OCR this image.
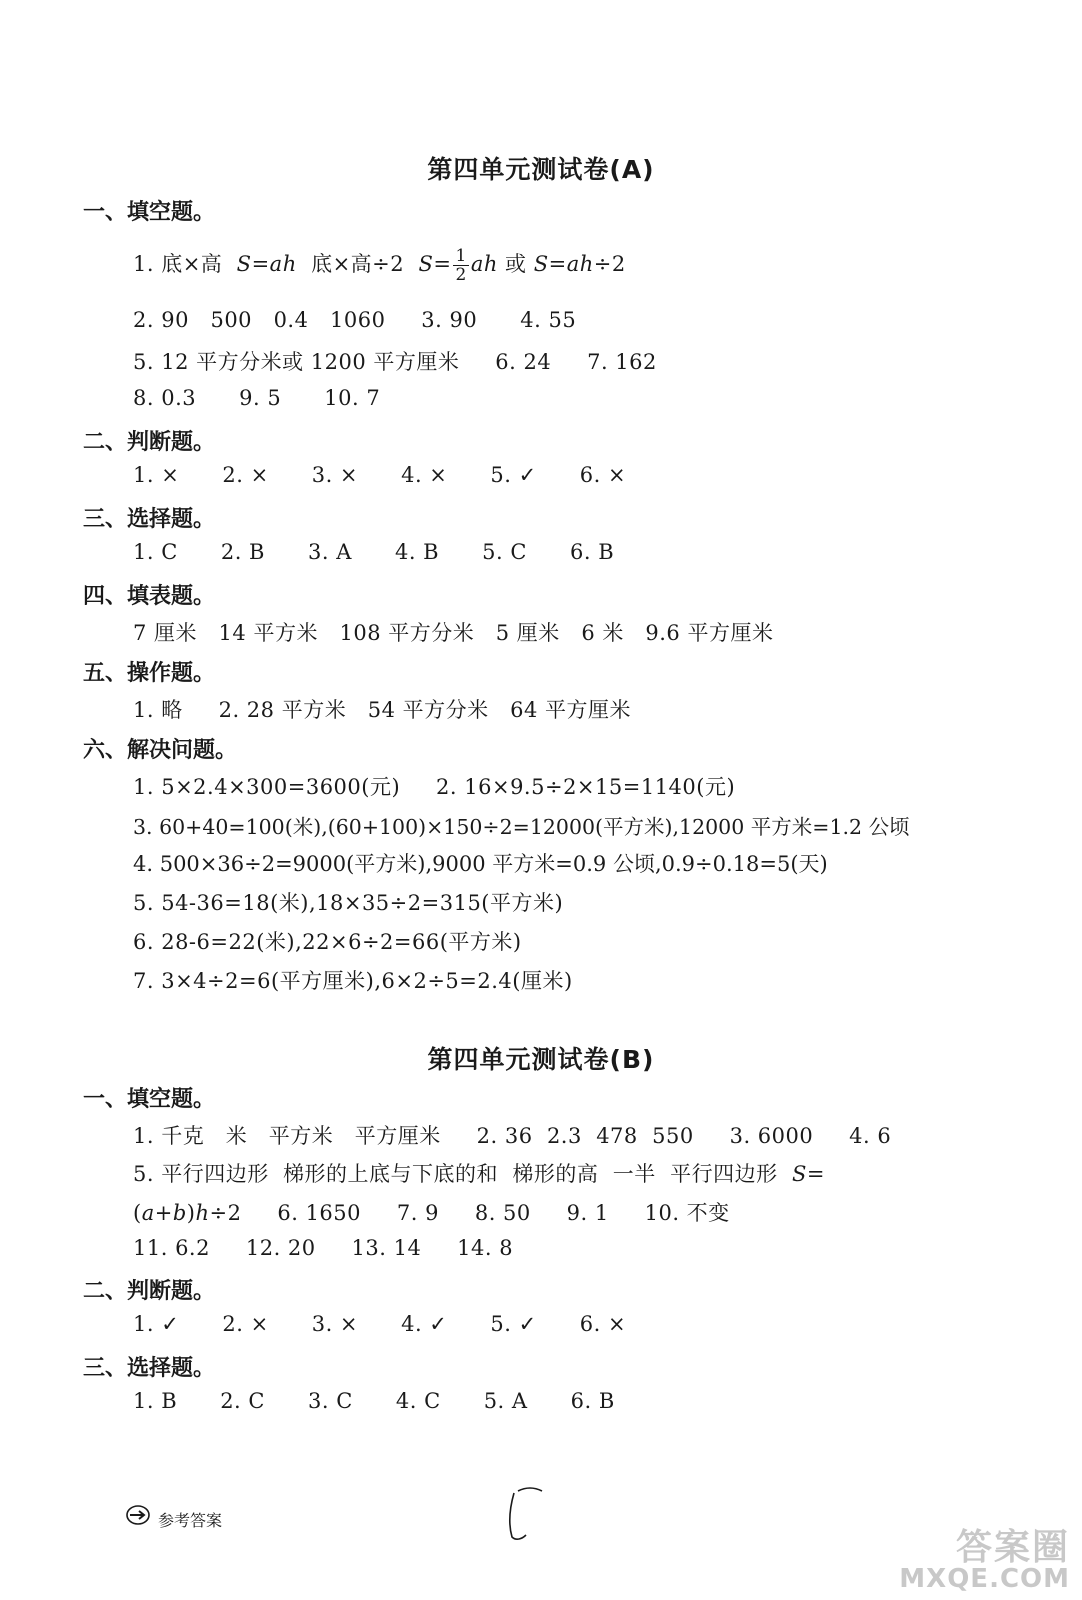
第四单元测试卷(A)
一、填空题。
1. 底×高  S=ah  底×高÷2  $S= \frac{1}{2}$ ah 或 S=ah÷2
2. 90   500   0.4   1060     3. 90      4. 55
5. 12 平方分米或 1200 平方厘米     6. 24     7. 162
8. 0.3      9. 5      10. 7
二、判断题。
1. ×      2. ×      3. ×      4. ×      5. ✓      6. ×
三、选择题。
1. C      2. B      3. A      4. B      5. C      6. B
四、填表题。
7 厘米   14 平方米   108 平方分米   5 厘米   6 米   9.6 平方厘米
五、操作题。
1. 略     2. 28 平方米   54 平方分米   64 平方厘米
六、解决问题。
1. 5×2.4×300=3600(元)     2. 16×9.5÷2×15=1140(元)
3. 60+40=100(米),(60+100)×150÷2=12000(平方米),12000 平方米=1.2 公顷
4. 500×36÷2=9000(平方米),9000 平方米=0.9 公顷,0.9÷0.18=5(天)
5. 54-36=18(米),18×35÷2=315(平方米)
6. 28-6=22(米),22×6÷2=66(平方米)
7. 3×4÷2=6(平方厘米),6×2÷5=2.4(厘米)
第四单元测试卷(B)
一、填空题。
1. 千克   米   平方米   平方厘米     2. 36  2.3  478  550     3. 6000     4. 6
5. 平行四边形  梯形的上底与下底的和  梯形的高  一半  平行四边形  S=
(a+b)h÷2     6. 1650     7. 9     8. 50     9. 1     10. 不变
11. 6.2     12. 20     13. 14     14. 8
二、判断题。
1. ✓      2. ×      3. ×      4. ✓      5. ✓      6. ×
三、选择题。
1. B      2. C      3. C      4. C      5. A      6. B
参考答案
答案圈
MXQE.COM
